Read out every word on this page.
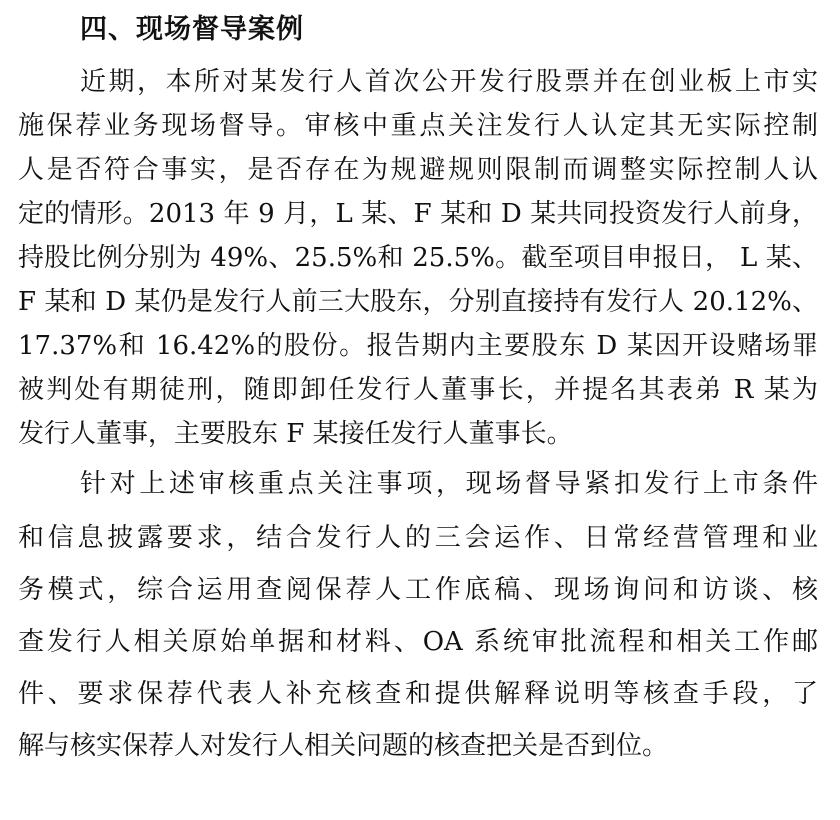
四、现场督导案例
近期，本所对某发行人首次公开发行股票并在创业板上市实
施保荐业务现场督导。审核中重点关注发行人认定其无实际控制
人是否符合事实，是否存在为规避规则限制而调整实际控制人认
定的情形。2013 年 9 月，L 某、F 某和 D 某共同投资发行人前身，
持股比例分别为 49%、25.5%和 25.5%。截至项目申报日， L 某、
F 某和 D 某仍是发行人前三大股东，分别直接持有发行人 20.12%、
17.37%和 16.42%的股份。报告期内主要股东 D 某因开设赌场罪
被判处有期徒刑，随即卸任发行人董事长，并提名其表弟 R 某为
发行人董事，主要股东 F 某接任发行人董事长。
针对上述审核重点关注事项，现场督导紧扣发行上市条件
和信息披露要求，结合发行人的三会运作、日常经营管理和业
务模式，综合运用查阅保荐人工作底稿、现场询问和访谈、核
查发行人相关原始单据和材料、OA 系统审批流程和相关工作邮
件、要求保荐代表人补充核查和提供解释说明等核查手段，了
解与核实保荐人对发行人相关问题的核查把关是否到位。
